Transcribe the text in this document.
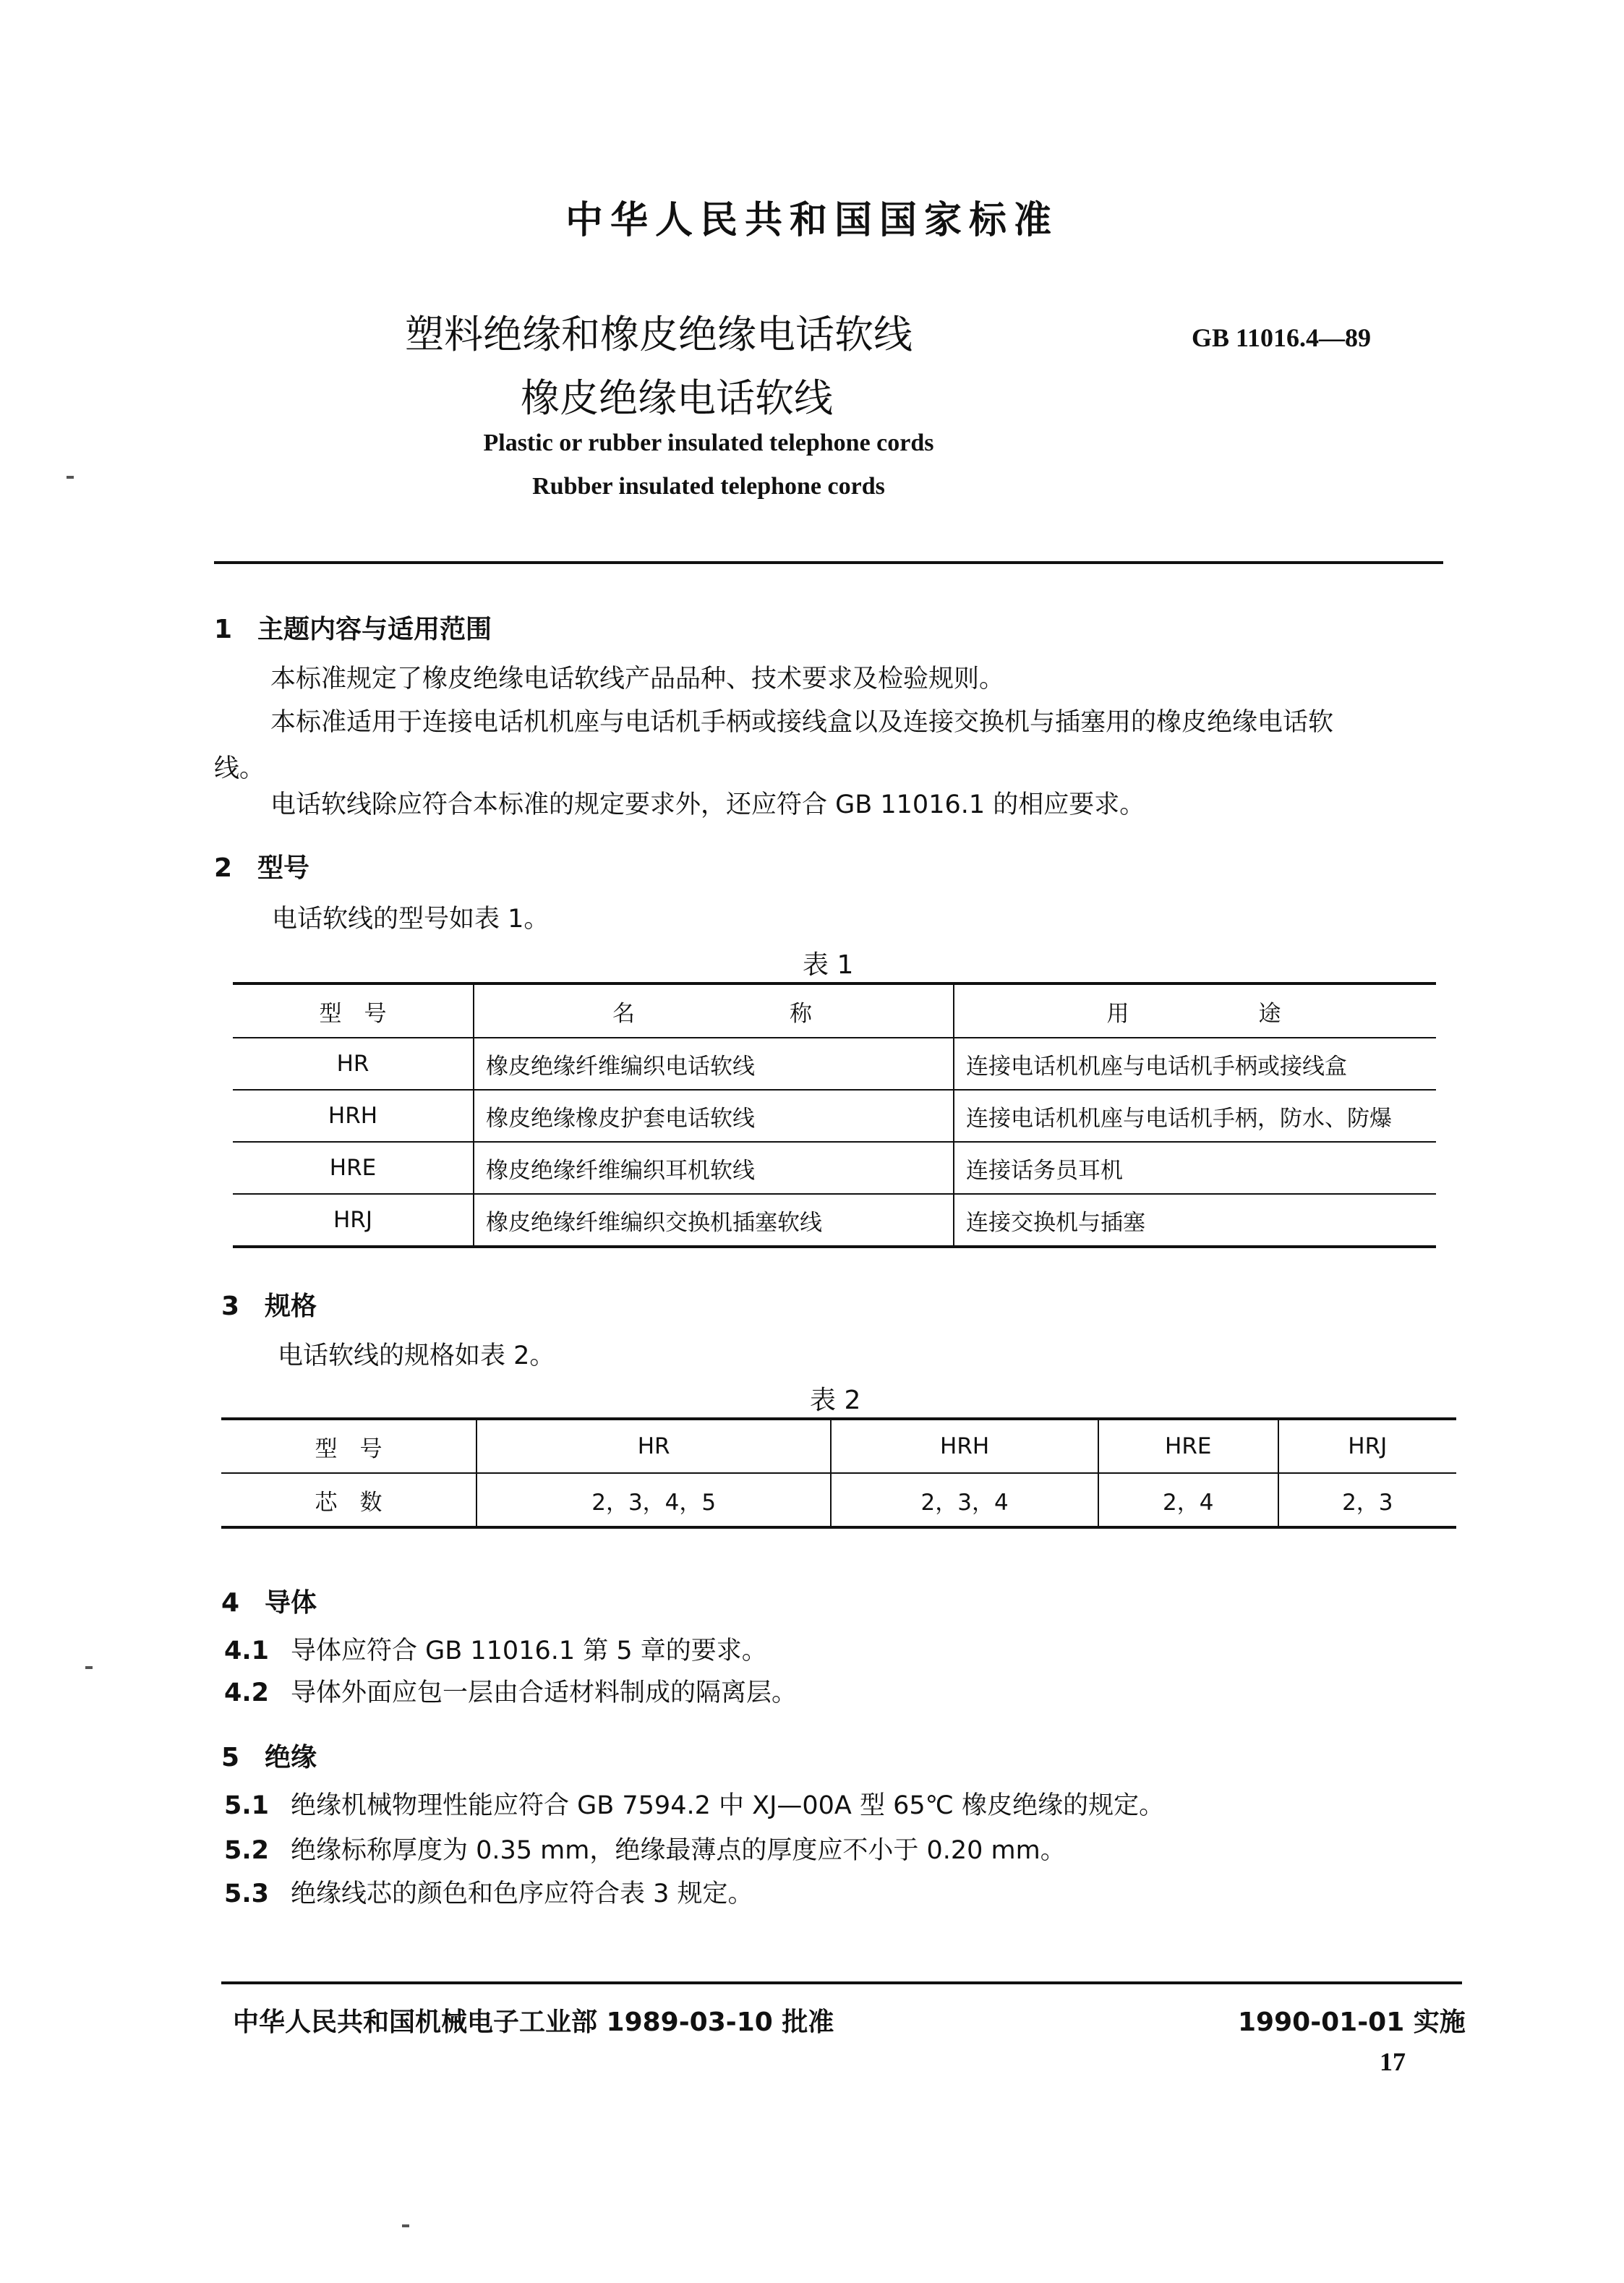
中华人民共和国国家标准
塑料绝缘和橡皮绝缘电话软线
橡皮绝缘电话软线
GB 11016.4—89
Plastic or rubber insulated telephone cords
Rubber insulated telephone cords
1 主题内容与适用范围
本标准规定了橡皮绝缘电话软线产品品种、技术要求及检验规则。
本标准适用于连接电话机机座与电话机手柄或接线盒以及连接交换机与插塞用的橡皮绝缘电话软
线。
电话软线除应符合本标准的规定要求外，还应符合 GB 11016.1 的相应要求。
2 型号
电话软线的型号如表 1。
表 1
型　号	名　　　　　　称	用　　　　　途
HR	橡皮绝缘纤维编织电话软线	连接电话机机座与电话机手柄或接线盒
HRH	橡皮绝缘橡皮护套电话软线	连接电话机机座与电话机手柄，防水、防爆
HRE	橡皮绝缘纤维编织耳机软线	连接话务员耳机
HRJ	橡皮绝缘纤维编织交换机插塞软线	连接交换机与插塞
3 规格
电话软线的规格如表 2。
表 2
型　号	HR	HRH	HRE	HRJ
芯　数	2，3，4，5	2，3，4	2，4	2，3
4 导体
4.1 导体应符合 GB 11016.1 第 5 章的要求。
4.2 导体外面应包一层由合适材料制成的隔离层。
5 绝缘
5.1 绝缘机械物理性能应符合 GB 7594.2 中 XJ—00A 型 65℃ 橡皮绝缘的规定。
5.2 绝缘标称厚度为 0.35 mm，绝缘最薄点的厚度应不小于 0.20 mm。
5.3 绝缘线芯的颜色和色序应符合表 3 规定。
中华人民共和国机械电子工业部 1989-03-10 批准	1990-01-01 实施
17
